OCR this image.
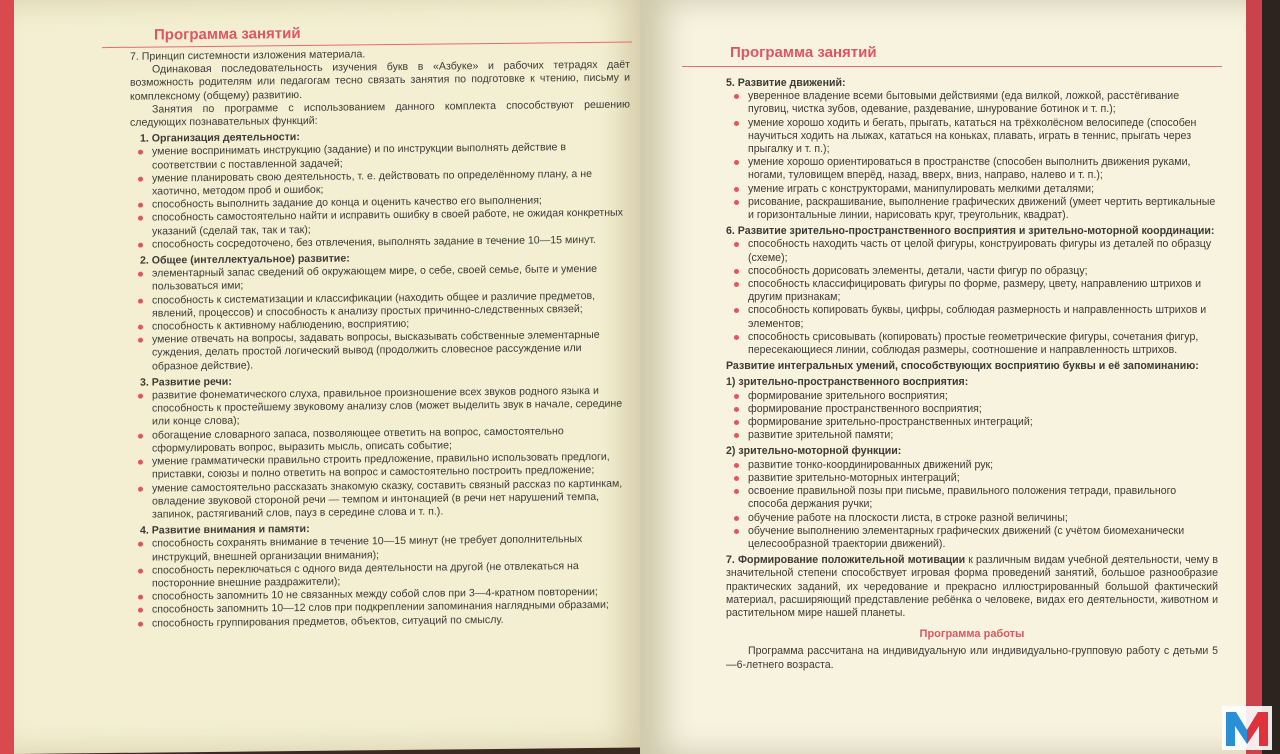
Программа занятий

7. Принцип системности изложения материала.

Одинаковая последовательность изучения букв в «Азбуке» и рабочих тетрадях даёт возможность родителям или педагогам тесно связать занятия по подготовке к чтению, письму и комплексному (общему) развитию.

Занятия по программе с использованием данного комплекта способствуют решению следующих познавательных функций:

1. Организация деятельности:
умение воспринимать инструкцию (задание) и по инструкции выполнять действие в соответствии с поставленной задачей;
умение планировать свою деятельность, т. е. действовать по определённому плану, а не хаотично, методом проб и ошибок;
способность выполнить задание до конца и оценить качество его выполнения;
способность самостоятельно найти и исправить ошибку в своей работе, не ожидая конкретных указаний (сделай так, так и так);
способность сосредоточено, без отвлечения, выполнять задание в течение 10—15 минут.
2. Общее (интеллектуальное) развитие:
элементарный запас сведений об окружающем мире, о себе, своей семье, быте и умение пользоваться ими;
способность к систематизации и классификации (находить общее и различие предметов, явлений, процессов) и способность к анализу простых причинно-следственных связей;
способность к активному наблюдению, восприятию;
умение отвечать на вопросы, задавать вопросы, высказывать собственные элементарные суждения, делать простой логический вывод (продолжить словесное рассуждение или образное действие).
3. Развитие речи:
развитие фонематического слуха, правильное произношение всех звуков родного языка и способность к простейшему звуковому анализу слов (может выделить звук в начале, середине или конце слова);
обогащение словарного запаса, позволяющее ответить на вопрос, самостоятельно сформулировать вопрос, выразить мысль, описать событие;
умение грамматически правильно строить предложение, правильно использовать предлоги, приставки, союзы и полно ответить на вопрос и самостоятельно построить предложение;
умение самостоятельно рассказать знакомую сказку, составить связный рассказ по картинкам, овладение звуковой стороной речи — темпом и интонацией (в речи нет нарушений темпа, запинок, растягиваний слов, пауз в середине слова и т. п.).
4. Развитие внимания и памяти:
способность сохранять внимание в течение 10—15 минут (не требует дополнительных инструкций, внешней организации внимания);
способность переключаться с одного вида деятельности на другой (не отвлекаться на посторонние внешние раздражители);
способность запомнить 10 не связанных между собой слов при 3—4-кратном повторении;
способность запомнить 10—12 слов при подкреплении запоминания наглядными образами;
способность группирования предметов, объектов, ситуаций по смыслу.
Программа занятий
5. Развитие движений:
уверенное владение всеми бытовыми действиями (еда вилкой, ложкой, расстёгивание пуговиц, чистка зубов, одевание, раздевание, шнурование ботинок и т. п.);
умение хорошо ходить и бегать, прыгать, кататься на трёхколёсном велосипеде (способен научиться ходить на лыжах, кататься на коньках, плавать, играть в теннис, прыгать через прыгалку и т. п.);
умение хорошо ориентироваться в пространстве (способен выполнить движения руками, ногами, туловищем вперёд, назад, вверх, вниз, направо, налево и т. п.);
умение играть с конструкторами, манипулировать мелкими деталями;
рисование, раскрашивание, выполнение графических движений (умеет чертить вертикальные и горизонтальные линии, нарисовать круг, треугольник, квадрат).
6. Развитие зрительно-пространственного восприятия и зрительно-моторной координации:
способность находить часть от целой фигуры, конструировать фигуры из деталей по образцу (схеме);
способность дорисовать элементы, детали, части фигур по образцу;
способность классифицировать фигуры по форме, размеру, цвету, направлению штрихов и другим признакам;
способность копировать буквы, цифры, соблюдая размерность и направленность штрихов и элементов;
способность срисовывать (копировать) простые геометрические фигуры, сочетания фигур, пересекающиеся линии, соблюдая размеры, соотношение и направленность штрихов.
Развитие интегральных умений, способствующих восприятию буквы и её запоминанию:
1) зрительно-пространственного восприятия:
формирование зрительного восприятия;
формирование пространственного восприятия;
формирование зрительно-пространственных интеграций;
развитие зрительной памяти;
2) зрительно-моторной функции:
развитие тонко-координированных движений рук;
развитие зрительно-моторных интеграций;
освоение правильной позы при письме, правильного положения тетради, правильного способа держания ручки;
обучение работе на плоскости листа, в строке разной величины;
обучение выполнению элементарных графических движений (с учётом биомеханически целесообразной траектории движений).

7. Формирование положительной мотивации к различным видам учебной деятельности, чему в значительной степени способствует игровая форма проведений занятий, большое разнообразие практических заданий, их чередование и прекрасно иллюстрированный большой фактический материал, расширяющий представление ребёнка о человеке, видах его деятельности, животном и растительном мире нашей планеты.

Программа работы

Программа рассчитана на индивидуальную или индивидуально-групповую работу с детьми 5—6-летнего возраста.
